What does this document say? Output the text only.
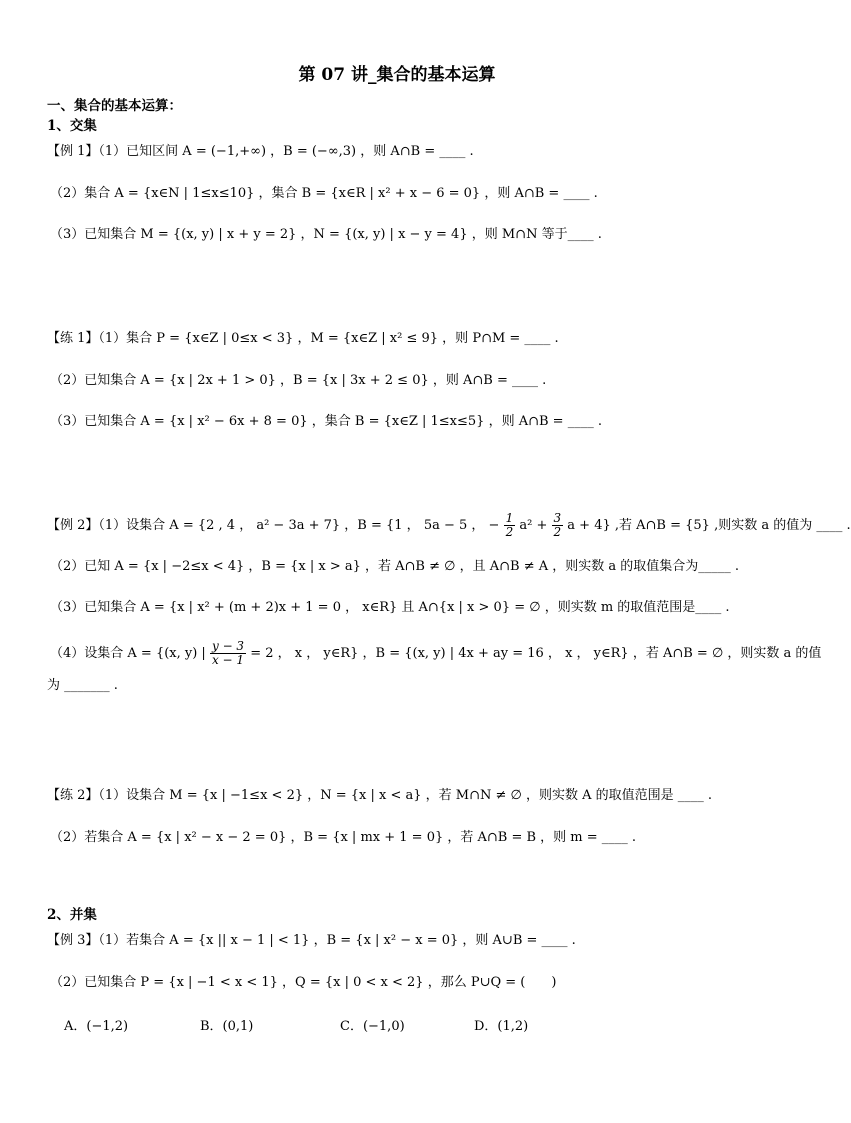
第 07 讲_集合的基本运算
一、集合的基本运算：
1、交集
【例 1】（1）已知区间 A = (−1,+∞) ，B = (−∞,3) ，则 A∩B = ____ .
（2）集合 A = {x∈N | 1≤x≤10} ，集合 B = {x∈R | x² + x − 6 = 0} ，则 A∩B = ____ .
（3）已知集合 M = {(x, y) | x + y = 2} ，N = {(x, y) | x − y = 4} ，则 M∩N 等于____ .
【练 1】（1）集合 P = {x∈Z | 0≤x < 3} ，M = {x∈Z | x² ≤ 9} ，则 P∩M = ____ .
（2）已知集合 A = {x | 2x + 1 > 0} ，B = {x | 3x + 2 ≤ 0} ，则 A∩B = ____ .
（3）已知集合 A = {x | x² − 6x + 8 = 0} ，集合 B = {x∈Z | 1≤x≤5} ，则 A∩B = ____ .
【例 2】（1）设集合 A = {2 , 4 ， a² − 3a + 7} ，B = {1 ， 5a − 5 ， − $\frac{1}{2} a^2 + \frac{3}{2}$ a + 4} ,若 A∩B = {5} ,则实数 a 的值为 ____ .
（2）已知 A = {x | −2≤x < 4} ，B = {x | x > a} ，若 A∩B ≠ ∅ ，且 A∩B ≠ A ，则实数 a 的取值集合为_____ .
（3）已知集合 A = {x | x² + (m + 2)x + 1 = 0 ， x∈R} 且 A∩{x | x > 0} = ∅ ，则实数 m 的取值范围是____ .
（4）设集合 A = {(x, y) | $\frac{y - 3}{x - 1} = 2$ ， x ， y∈R} ，B = {(x, y) | 4x + ay = 16 ， x ， y∈R} ，若 A∩B = ∅ ，则实数 a 的值
为 _______ .
【练 2】（1）设集合 M = {x | −1≤x < 2} ，N = {x | x < a} ，若 M∩N ≠ ∅ ，则实数 A 的取值范围是 ____ .
（2）若集合 A = {x | x² − x − 2 = 0} ，B = {x | mx + 1 = 0} ，若 A∩B = B ，则 m = ____ .
2、并集
【例 3】（1）若集合 A = {x || x − 1 | < 1} ，B = {x | x² − x = 0} ，则 A∪B = ____ .
（2）已知集合 P = {x | −1 < x < 1} ，Q = {x | 0 < x < 2} ，那么 P∪Q = (　　)
A．(−1,2)	B．(0,1)	C．(−1,0)	D．(1,2)
